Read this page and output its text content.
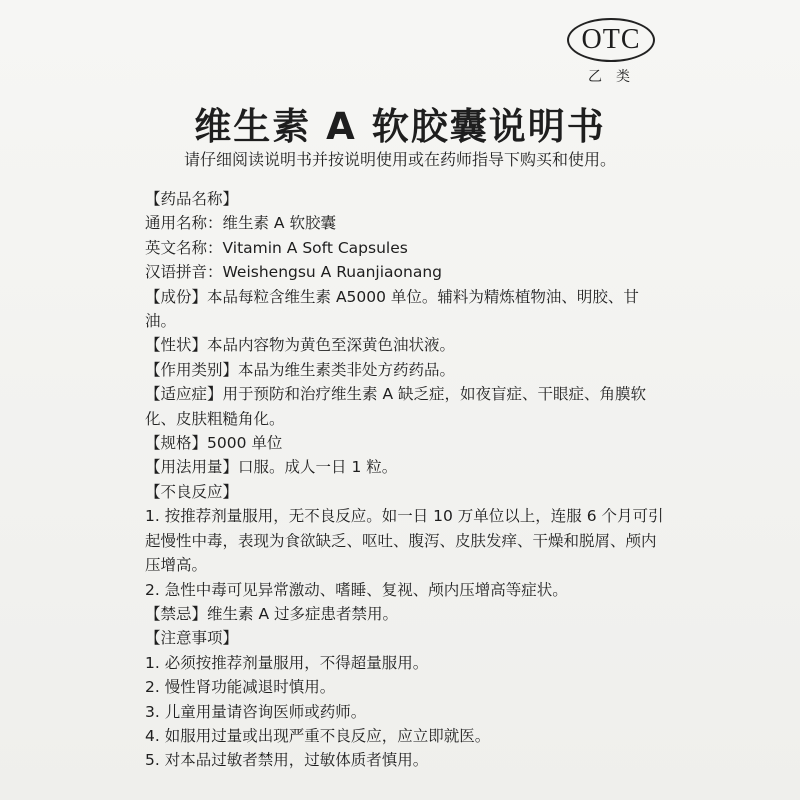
OTC
乙类
维生素 A 软胶囊说明书
请仔细阅读说明书并按说明使用或在药师指导下购买和使用。
【药品名称】
通用名称：维生素 A 软胶囊
英文名称：Vitamin A Soft Capsules
汉语拼音：Weishengsu A Ruanjiaonang
【成份】本品每粒含维生素 A5000 单位。辅料为精炼植物油、明胶、甘油。
【性状】本品内容物为黄色至深黄色油状液。
【作用类别】本品为维生素类非处方药药品。
【适应症】用于预防和治疗维生素 A 缺乏症，如夜盲症、干眼症、角膜软化、皮肤粗糙角化。
【规格】5000 单位
【用法用量】口服。成人一日 1 粒。
【不良反应】
1. 按推荐剂量服用，无不良反应。如一日 10 万单位以上，连服 6 个月可引起慢性中毒，表现为食欲缺乏、呕吐、腹泻、皮肤发痒、干燥和脱屑、颅内压增高。
2. 急性中毒可见异常激动、嗜睡、复视、颅内压增高等症状。
【禁忌】维生素 A 过多症患者禁用。
【注意事项】
1. 必须按推荐剂量服用，不得超量服用。
2. 慢性肾功能减退时慎用。
3. 儿童用量请咨询医师或药师。
4. 如服用过量或出现严重不良反应，应立即就医。
5. 对本品过敏者禁用，过敏体质者慎用。
